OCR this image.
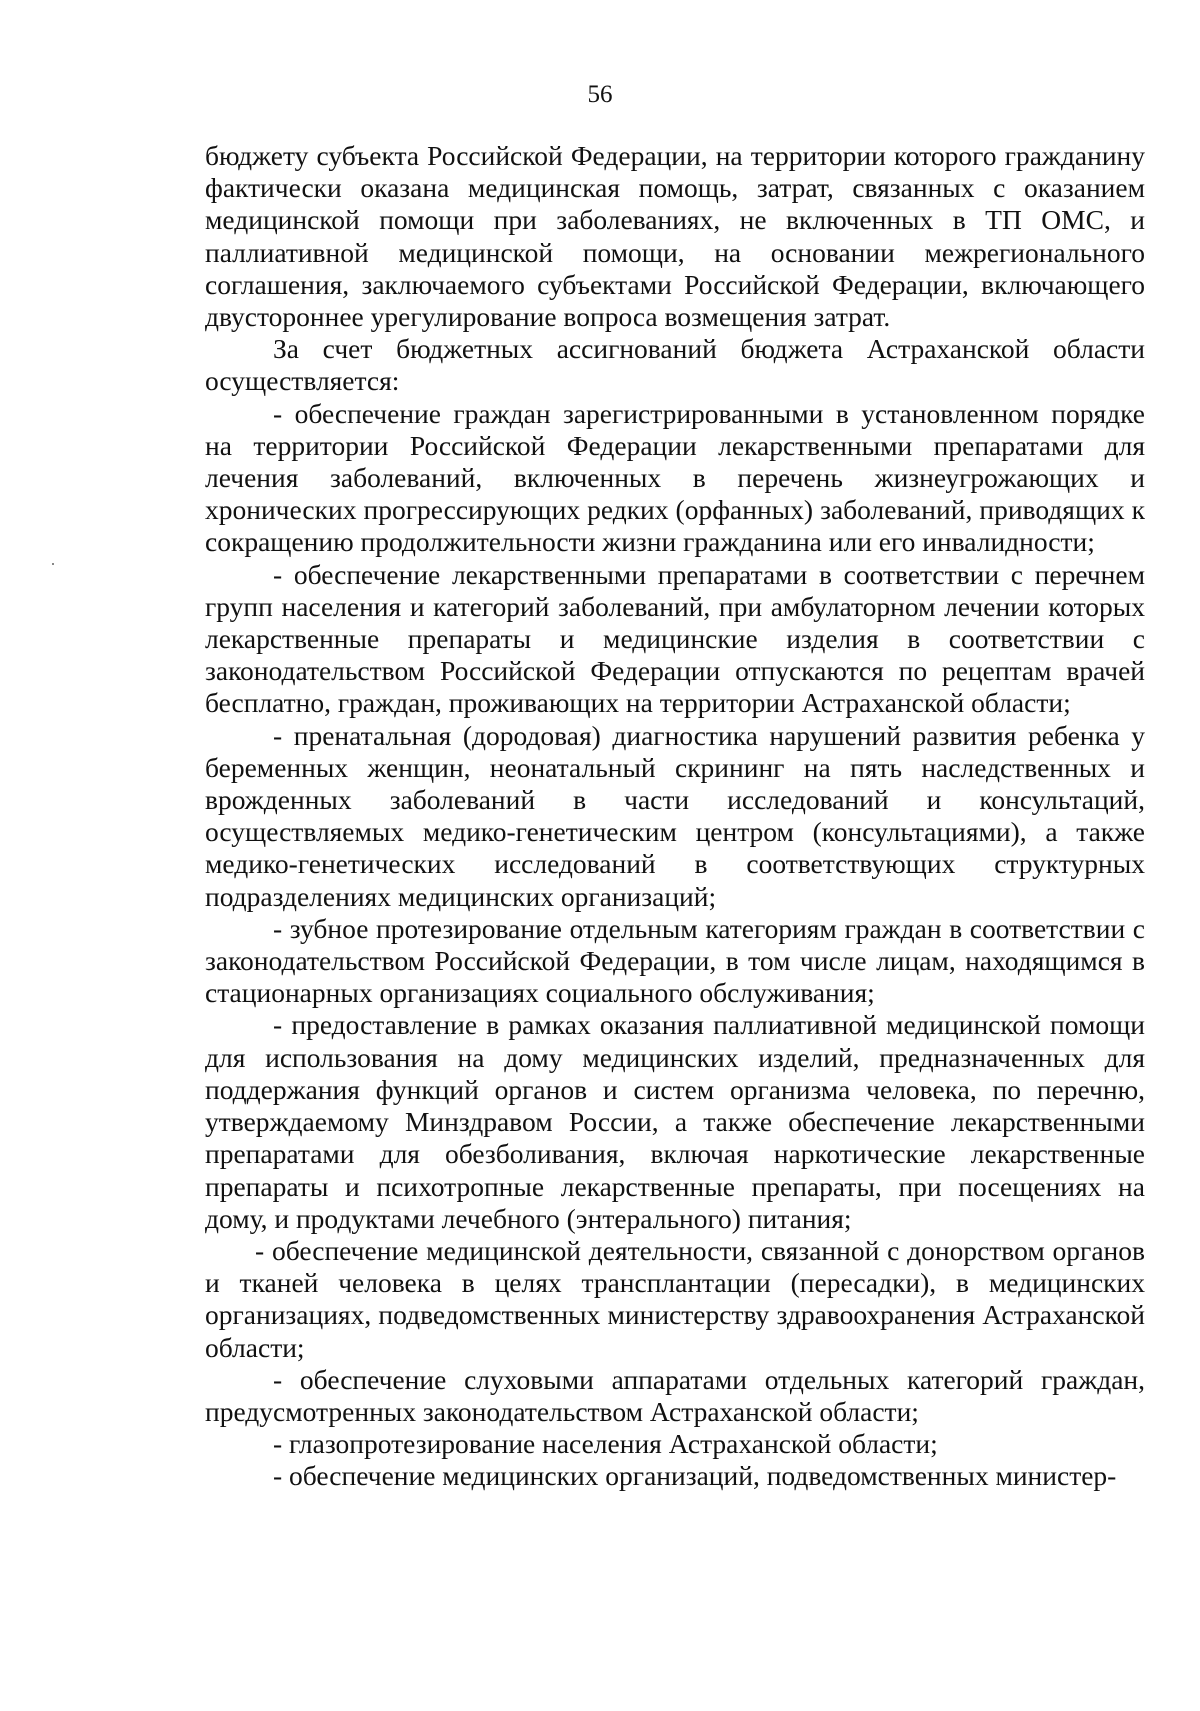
56

бюджету субъекта Российской Федерации, на территории которого гражданину фактически оказана медицинская помощь, затрат, связанных с оказанием медицинской помощи при заболеваниях, не включенных в ТП ОМС, и паллиативной медицинской помощи, на основании межрегионального соглашения, заключаемого субъектами Российской Федерации, включающего двустороннее урегулирование вопроса возмещения затрат.

За счет бюджетных ассигнований бюджета Астраханской области осуществляется:

- обеспечение граждан зарегистрированными в установленном порядке на территории Российской Федерации лекарственными препаратами для лечения заболеваний, включенных в перечень жизнеугрожающих и хронических прогрессирующих редких (орфанных) заболеваний, приводящих к сокращению продолжительности жизни гражданина или его инвалидности;

- обеспечение лекарственными препаратами в соответствии с перечнем групп населения и категорий заболеваний, при амбулаторном лечении которых лекарственные препараты и медицинские изделия в соответствии с законодательством Российской Федерации отпускаются по рецептам врачей бесплатно, граждан, проживающих на территории Астраханской области;

- пренатальная (дородовая) диагностика нарушений развития ребенка у беременных женщин, неонатальный скрининг на пять наследственных и врожденных заболеваний в части исследований и консультаций, осуществляемых медико-генетическим центром (консультациями), а также медико-генетических исследований в соответствующих структурных подразделениях медицинских организаций;

- зубное протезирование отдельным категориям граждан в соответствии с законодательством Российской Федерации, в том числе лицам, находящимся в стационарных организациях социального обслуживания;

- предоставление в рамках оказания паллиативной медицинской помощи для использования на дому медицинских изделий, предназначенных для поддержания функций органов и систем организма человека, по перечню, утверждаемому Минздравом России, а также обеспечение лекарственными препаратами для обезболивания, включая наркотические лекарственные препараты и психотропные лекарственные препараты, при посещениях на дому, и продуктами лечебного (энтерального) питания;

- обеспечение медицинской деятельности, связанной с донорством органов и тканей человека в целях трансплантации (пересадки), в медицинских организациях, подведомственных министерству здравоохранения Астраханской области;

- обеспечение слуховыми аппаратами отдельных категорий граждан, предусмотренных законодательством Астраханской области;

- глазопротезирование населения Астраханской области;

- обеспечение медицинских организаций, подведомственных министер-
